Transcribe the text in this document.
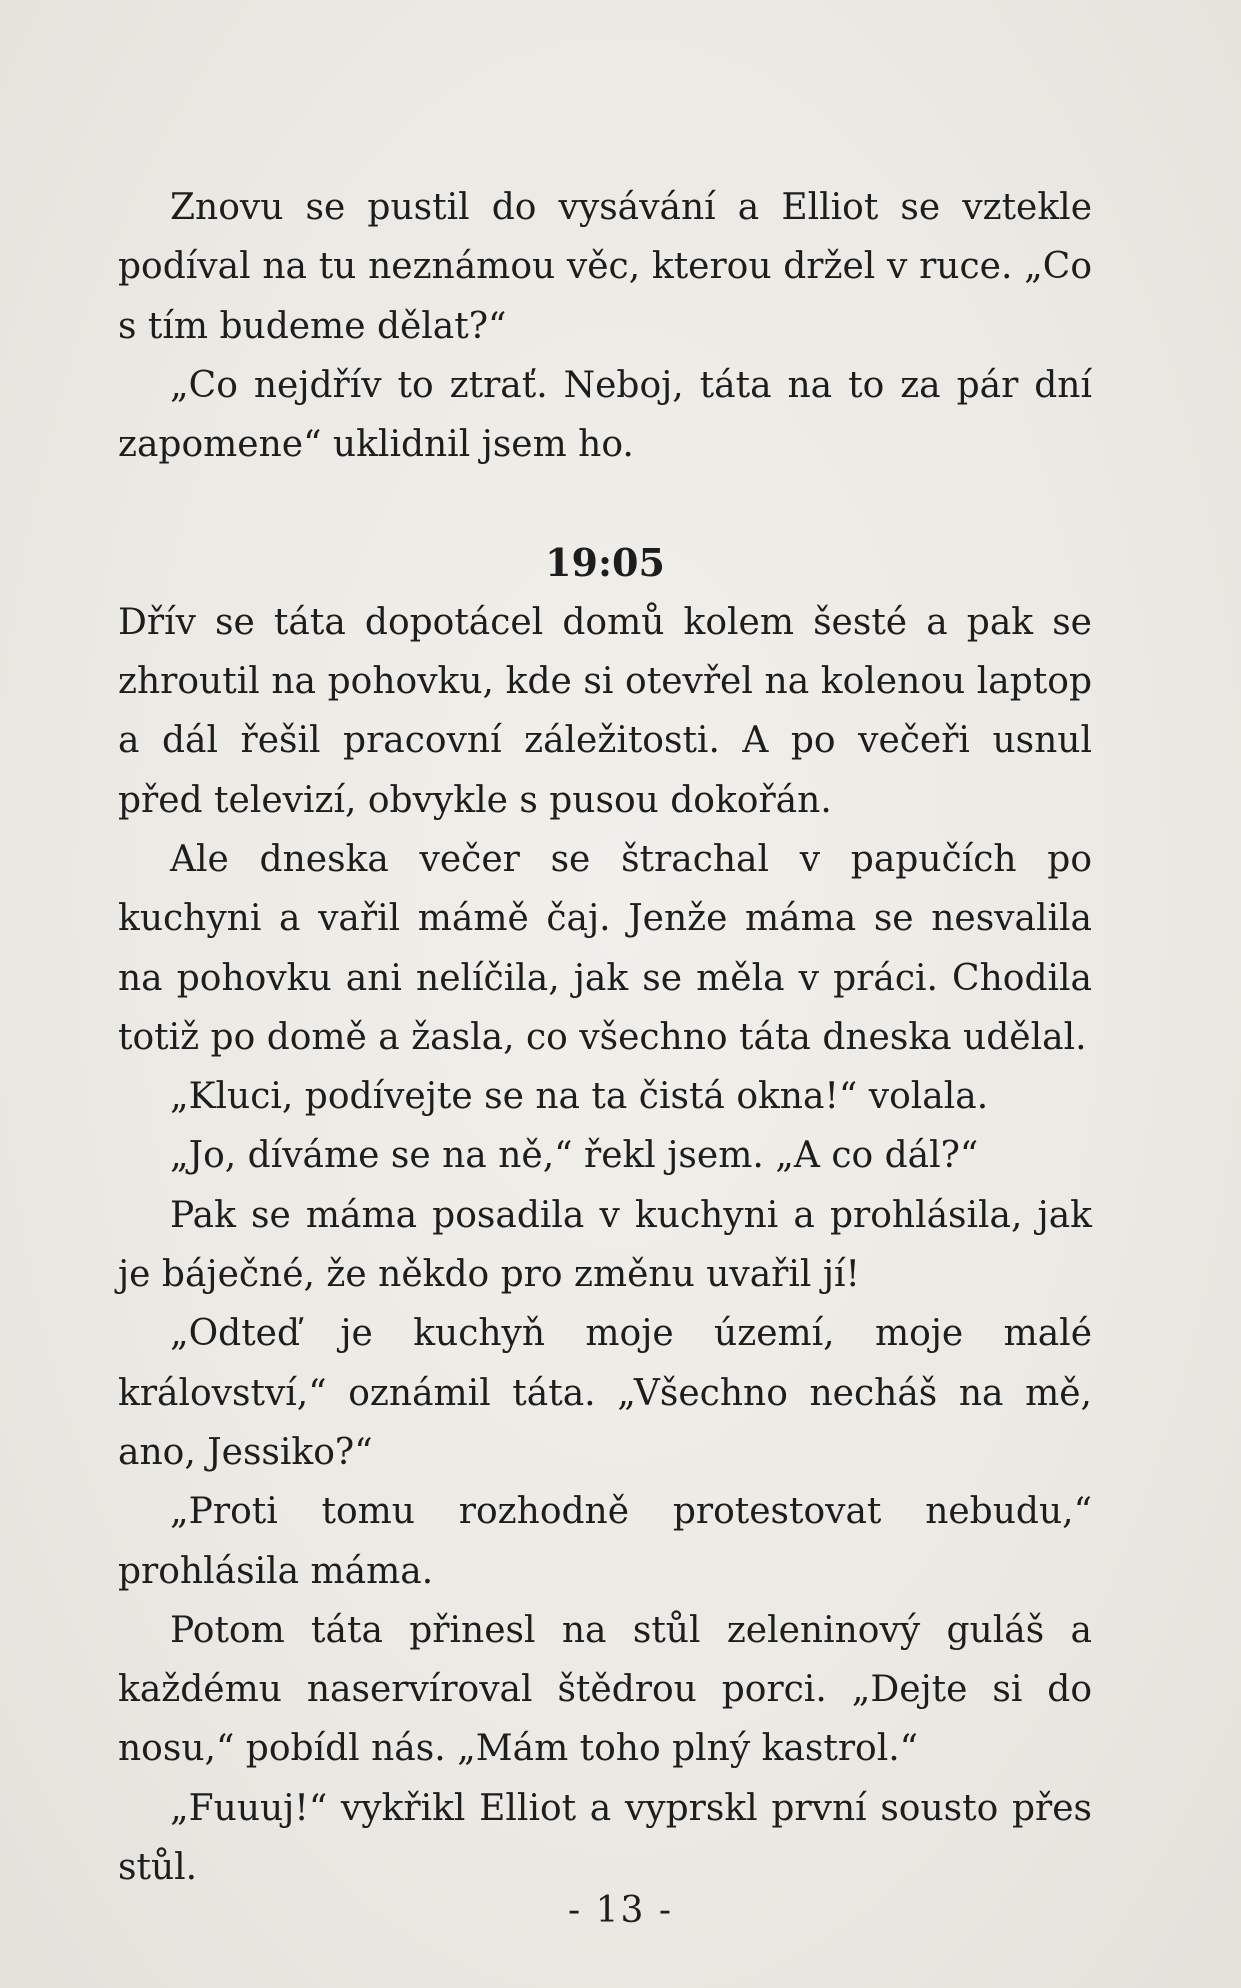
Znovu se pustil do vysávání a Elliot se vztekle podíval na tu neznámou věc, kterou držel v ruce. „Co s tím budeme dělat?“

„Co nejdřív to ztrať. Neboj, táta na to za pár dní zapomene“ uklidnil jsem ho.

19:05

Dřív se táta dopotácel domů kolem šesté a pak se zhroutil na pohovku, kde si otevřel na kolenou laptop a dál řešil pracovní záležitosti. A po večeři usnul před televizí, obvykle s pusou dokořán.

Ale dneska večer se štrachal v papučích po kuchyni a vařil mámě čaj. Jenže máma se nesvalila na pohovku ani nelíčila, jak se měla v práci. Chodila totiž po domě a žasla, co všechno táta dneska udělal.

„Kluci, podívejte se na ta čistá okna!“ volala.

„Jo, díváme se na ně,“ řekl jsem. „A co dál?“

Pak se máma posadila v kuchyni a prohlásila, jak je báječné, že někdo pro změnu uvařil jí!

„Odteď je kuchyň moje území, moje malé království,“ oznámil táta. „Všechno necháš na mě, ano, Jessiko?“

„Proti tomu rozhodně protestovat nebudu,“ prohlásila máma.

Potom táta přinesl na stůl zeleninový guláš a každému naservíroval štědrou porci. „Dejte si do nosu,“ pobídl nás. „Mám toho plný kastrol.“

„Fuuuj!“ vykřikl Elliot a vyprskl první sousto přes stůl.

- 13 -
